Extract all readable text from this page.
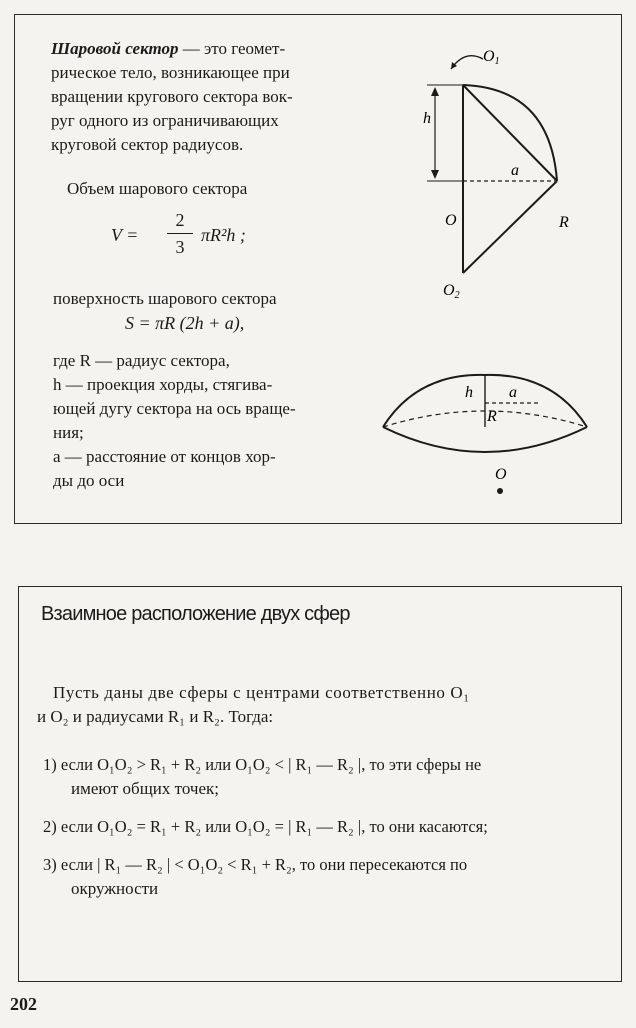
Шаровой сектор — это геомет-
рическое тело, возникающее при
вращении кругового сектора вок-
руг одного из ограничивающих
круговой сектор радиусов.

Объем шарового сектора

V =

2
3

πR²h ;

поверхность шарового сектора

S = πR (2h + a),

где R — радиус сектора,
h — проекция хорды, стягива-
ющей дугу сектора на ось враще-
ния;
a — расстояние от концов хор-
ды до оси

O1
h
a
O	R
O2
h a
R
O
Взаимное расположение двух сфер

Пусть даны две сферы с центрами соответственно O₁

и O₂ и радиусами R₁ и R₂. Тогда:

1) если O₁O₂ > R₁ + R₂ или O₁O₂ < | R₁ — R₂ |, то эти сферы не

имеют общих точек;

2) если O₁O₂ = R₁ + R₂ или O₁O₂ = | R₁ — R₂ |, то они касаются;

3) если | R₁ — R₂ | < O₁O₂ < R₁ + R₂, то они пересекаются по

окружности

202
